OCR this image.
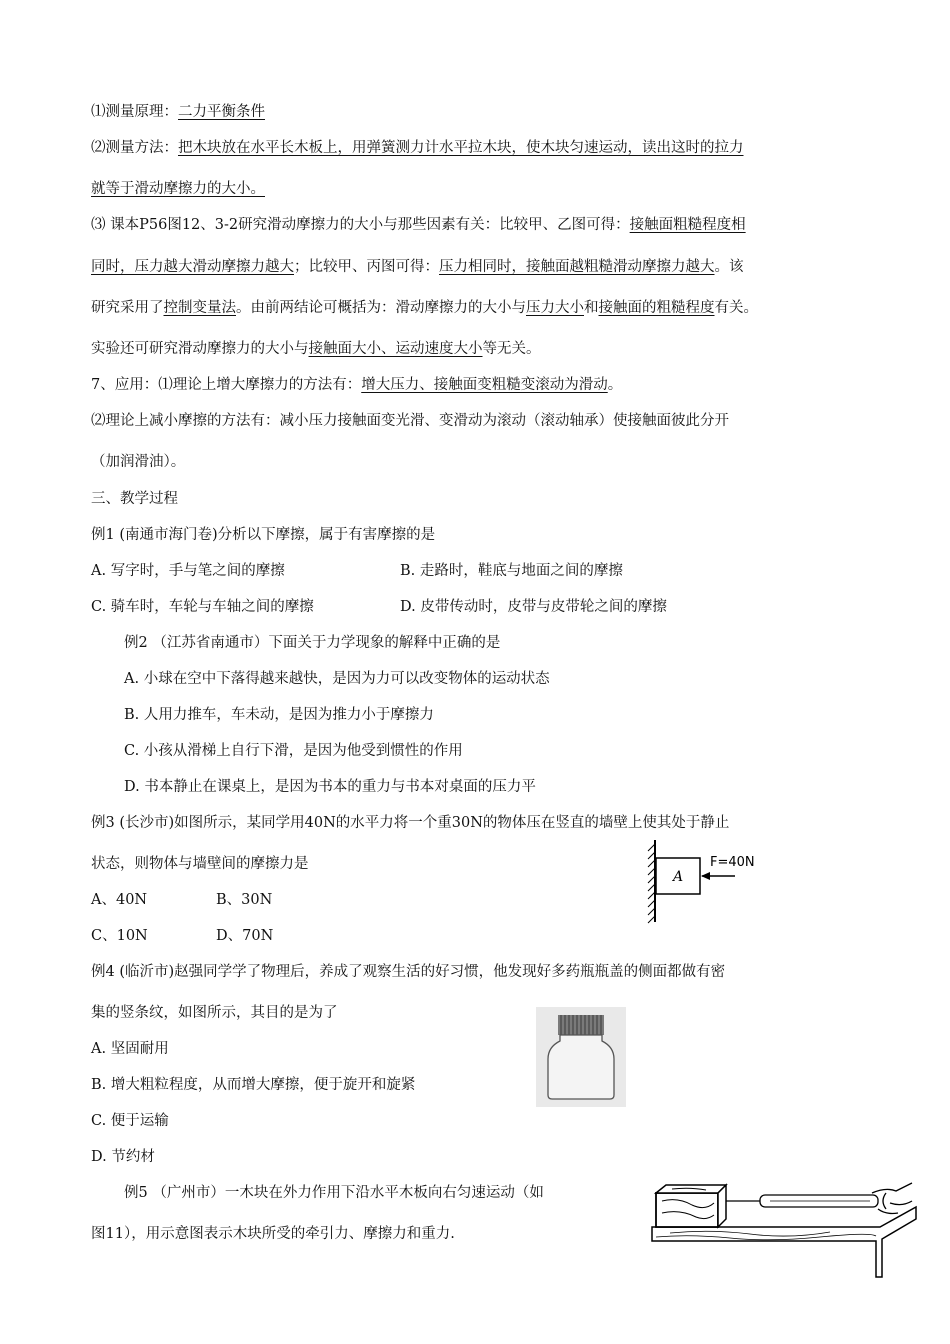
⑴测量原理：二力平衡条件
⑵测量方法：把木块放在水平长木板上，用弹簧测力计水平拉木块，使木块匀速运动，读出这时的拉力
就等于滑动摩擦力的大小。
⑶ 课本P56图12、3-2研究滑动摩擦力的大小与那些因素有关：比较甲、乙图可得：接触面粗糙程度相
同时，压力越大滑动摩擦力越大；比较甲、丙图可得：压力相同时，接触面越粗糙滑动摩擦力越大。该
研究采用了控制变量法。由前两结论可概括为：滑动摩擦力的大小与压力大小和接触面的粗糙程度有关。
实验还可研究滑动摩擦力的大小与接触面大小、运动速度大小等无关。
7、应用：⑴理论上增大摩擦力的方法有：增大压力、接触面变粗糙变滚动为滑动。
⑵理论上减小摩擦的方法有：减小压力接触面变光滑、变滑动为滚动（滚动轴承）使接触面彼此分开
（加润滑油）。
三、教学过程
例1 (南通市海门卷)分析以下摩擦，属于有害摩擦的是
A. 写字时，手与笔之间的摩擦	B. 走路时，鞋底与地面之间的摩擦
C. 骑车时，车轮与车轴之间的摩擦	D. 皮带传动时，皮带与皮带轮之间的摩擦
例2 （江苏省南通市）下面关于力学现象的解释中正确的是
A. 小球在空中下落得越来越快，是因为力可以改变物体的运动状态
B. 人用力推车，车未动，是因为推力小于摩擦力
C. 小孩从滑梯上自行下滑，是因为他受到惯性的作用
D. 书本静止在课桌上，是因为书本的重力与书本对桌面的压力平
例3 (长沙市)如图所示，某同学用40N的水平力将一个重30N的物体压在竖直的墙壁上使其处于静止
状态，则物体与墙壁间的摩擦力是
A、40N	B、30N
C、10N	D、70N
A
F=40N
例4 (临沂市)赵强同学学了物理后，养成了观察生活的好习惯，他发现好多药瓶瓶盖的侧面都做有密
集的竖条纹，如图所示，其目的是为了
A. 坚固耐用
B. 增大粗粒程度，从而增大摩擦，便于旋开和旋紧
C. 便于运输
D. 节约材
例5 （广州市）一木块在外力作用下沿水平木板向右匀速运动（如
图11），用示意图表示木块所受的牵引力、摩擦力和重力.
